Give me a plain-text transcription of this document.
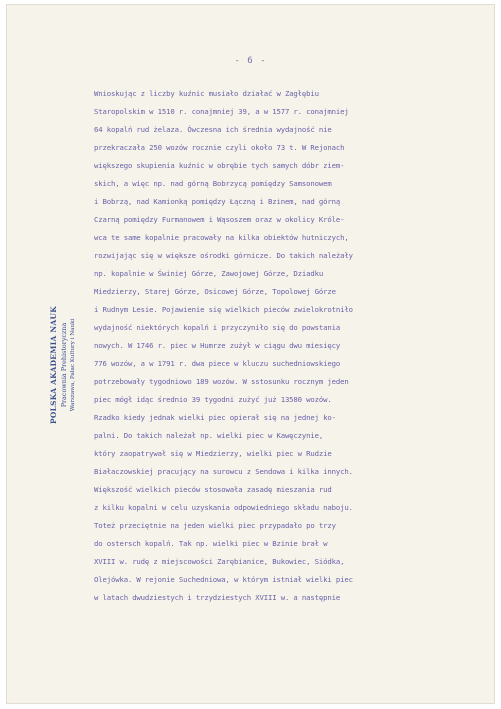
- 6 -
Wnioskując z liczby kuźnic musiało działać w Zagłębiu
Staropolskim w 1510 r. conajmniej 39, a w 1577 r. conajmniej
64 kopalń rud żelaza. Ówczesna ich średnia wydajność nie
przekraczała 250 wozów rocznie czyli około 73 t. W Rejonach
większego skupienia kuźnic w obrębie tych samych dóbr ziem-
skich, a więc np. nad górną Bobrzycą pomiędzy Samsonowem
i Bobrzą, nad Kamionką pomiędzy Łączną i Bzinem, nad górną
Czarną pomiędzy Furmanowem i Wąsoszem oraz w okolicy Króle-
wca te same kopalnie pracowały na kilka obiektów hutniczych,
rozwijając się w większe ośrodki górnicze. Do takich należały
np. kopalnie w Świniej Górze, Zawojowej Górze, Dziadku
Miedzierzy, Starej Górze, Osicowej Górze, Topolowej Górze
i Rudnym Lesie. Pojawienie się wielkich pieców zwielokrotniło
wydajność niektórych kopalń i przyczyniło się do powstania
nowych. W 1746 r. piec w Humrze zużył w ciągu dwu miesięcy
776 wozów, a w 1791 r. dwa piece w kluczu suchedniowskiego
potrzebowały tygodniowo 189 wozów. W sstosunku rocznym jeden
piec mógł idąc średnio 39 tygodni zużyć już 13580 wozów.
Rzadko kiedy jednak wielki piec opierał się na jednej ko-
palni. Do takich należał np. wielki piec w Kawęczynie,
który zaopatrywał się w Miedzierzy, wielki piec w Rudzie
Białaczowskiej pracujący na surowcu z Sendowa i kilka innych.
Większość wielkich pieców stosowała zasadę mieszania rud
z kilku kopalni w celu uzyskania odpowiedniego składu naboju.
Toteż przeciętnie na jeden wielki piec przypadało po trzy
do ostersch kopalń. Tak np. wielki piec w Bzinie brał w
XVIII w. rudę z miejscowości Zarębianice, Bukowiec, Siódka,
Olejówka. W rejonie Suchedniowa, w którym istniał wielki piec
w latach dwudziestych i trzydziestych XVIII w. a następnie
POLSKA AKADEMIA NAUK Pracownia Prehistoryczna Warszawa, Pałac Kultury i Nauki
